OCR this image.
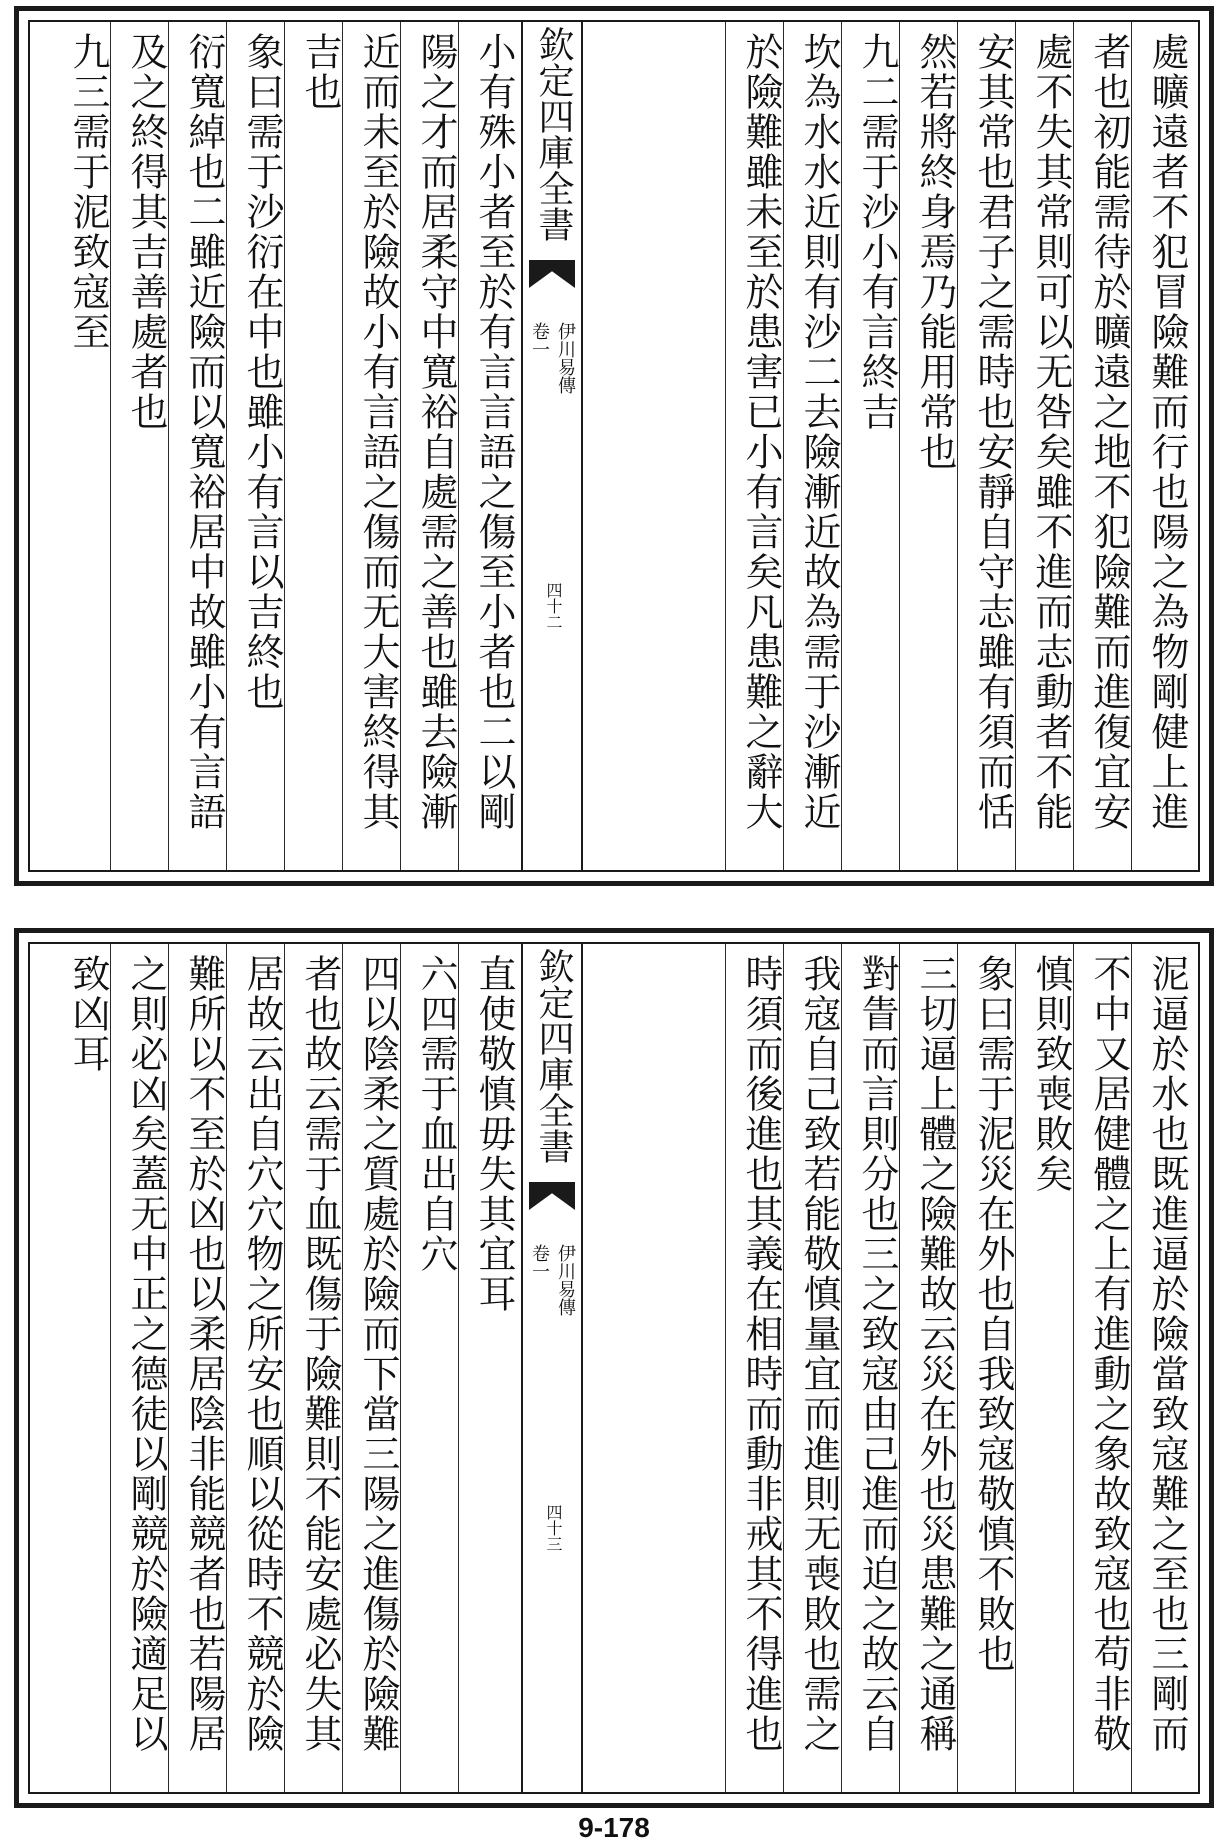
處曠遠者不犯冒險難而行也陽之為物剛健上進
者也初能需待於曠遠之地不犯險難而進復宜安
處不失其常則可以无咎矣雖不進而志動者不能
安其常也君子之需時也安靜自守志雖有須而恬
然若將終身焉乃能用常也
九二需于沙小有言終吉
坎為水水近則有沙二去險漸近故為需于沙漸近
於險難雖未至於患害已小有言矣凡患難之辭大
欽定四庫全書
伊川易傳
卷一
四十二
小有殊小者至於有言言語之傷至小者也二以剛
陽之才而居柔守中寬裕自處需之善也雖去險漸
近而未至於險故小有言語之傷而无大害終得其
吉也
象曰需于沙衍在中也雖小有言以吉終也
衍寬綽也二雖近險而以寬裕居中故雖小有言語
及之終得其吉善處者也
九三需于泥致寇至
泥逼於水也既進逼於險當致寇難之至也三剛而
不中又居健體之上有進動之象故致寇也苟非敬
慎則致喪敗矣
象曰需于泥災在外也自我致寇敬慎不敗也
三切逼上體之險難故云災在外也災患難之通稱
對眚而言則分也三之致寇由己進而迫之故云自
我寇自己致若能敬慎量宜而進則无喪敗也需之
時須而後進也其義在相時而動非戒其不得進也
欽定四庫全書
伊川易傳
卷一
四十三
直使敬慎毋失其宜耳
六四需于血出自穴
四以陰柔之質處於險而下當三陽之進傷於險難
者也故云需于血既傷于險難則不能安處必失其
居故云出自穴穴物之所安也順以從時不競於險
難所以不至於凶也以柔居陰非能競者也若陽居
之則必凶矣蓋无中正之德徒以剛競於險適足以
致凶耳
9-178
